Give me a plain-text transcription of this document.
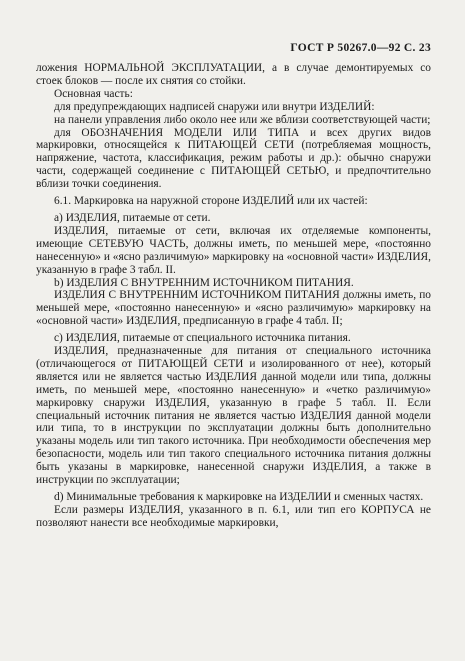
ГОСТ Р 50267.0—92 С. 23

ложения НОРМАЛЬНОЙ ЭКСПЛУАТАЦИИ, а в случае демонтируемых со стоек блоков — после их снятия со стойки.

Основная часть:

для предупреждающих надписей снаружи или внутри ИЗДЕЛИЙ:

на панели управления либо около нее или же вблизи соответствующей части;

для ОБОЗНАЧЕНИЯ МОДЕЛИ ИЛИ ТИПА и всех других видов маркировки, относящейся к ПИТАЮЩЕЙ СЕТИ (потребляемая мощность, напряжение, частота, классификация, режим работы и др.): обычно снаружи части, содержащей соединение с ПИТАЮЩЕЙ СЕТЬЮ, и предпочтительно вблизи точки соединения.

6.1. Маркировка на наружной стороне ИЗДЕЛИЙ или их частей:

а) ИЗДЕЛИЯ, питаемые от сети.

ИЗДЕЛИЯ, питаемые от сети, включая их отделяемые компоненты, имеющие СЕТЕВУЮ ЧАСТЬ, должны иметь, по меньшей мере, «постоянно нанесенную» и «ясно различимую» маркировку на «основной части» ИЗДЕЛИЯ, указанную в графе 3 табл. II.

b) ИЗДЕЛИЯ С ВНУТРЕННИМ ИСТОЧНИКОМ ПИТАНИЯ.

ИЗДЕЛИЯ С ВНУТРЕННИМ ИСТОЧНИКОМ ПИТАНИЯ должны иметь, по меньшей мере, «постоянно нанесенную» и «ясно различимую» маркировку на «основной части» ИЗДЕЛИЯ, предписанную в графе 4 табл. II;

с) ИЗДЕЛИЯ, питаемые от специального источника питания.

ИЗДЕЛИЯ, предназначенные для питания от специального источника (отличающегося от ПИТАЮЩЕЙ СЕТИ и изолированного от нее), который является или не является частью ИЗДЕЛИЯ данной модели или типа, должны иметь, по меньшей мере, «постоянно нанесенную» и «четко различимую» маркировку снаружи ИЗДЕЛИЯ, указанную в графе 5 табл. II. Если специальный источник питания не является частью ИЗДЕЛИЯ данной модели или типа, то в инструкции по эксплуатации должны быть дополнительно указаны модель или тип такого источника. При необходимости обеспечения мер безопасности, модель или тип такого специального источника питания должны быть указаны в маркировке, нанесенной снаружи ИЗДЕЛИЯ, а также в инструкции по эксплуатации;

d) Минимальные требования к маркировке на ИЗДЕЛИИ и сменных частях.

Если размеры ИЗДЕЛИЯ, указанного в п. 6.1, или тип его КОРПУСА не позволяют нанести все необходимые маркировки,
